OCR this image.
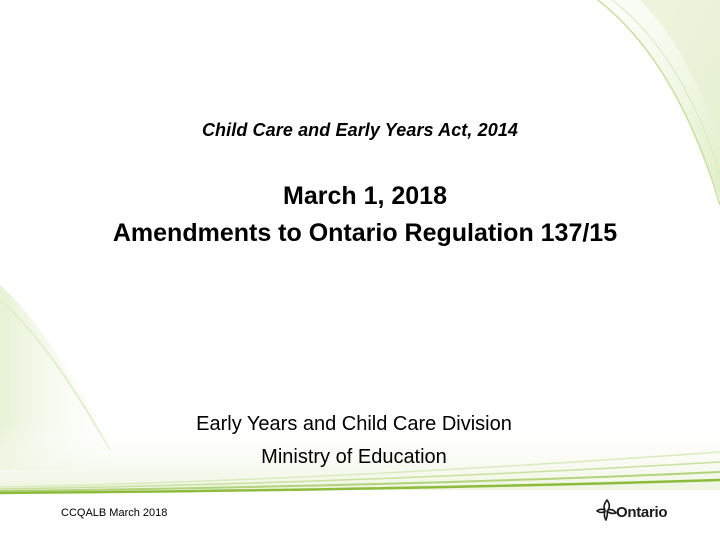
Child Care and Early Years Act, 2014
March 1, 2018
Amendments to Ontario Regulation 137/15
Early Years and Child Care Division
Ministry of Education
CCQALB March 2018	Ontario
